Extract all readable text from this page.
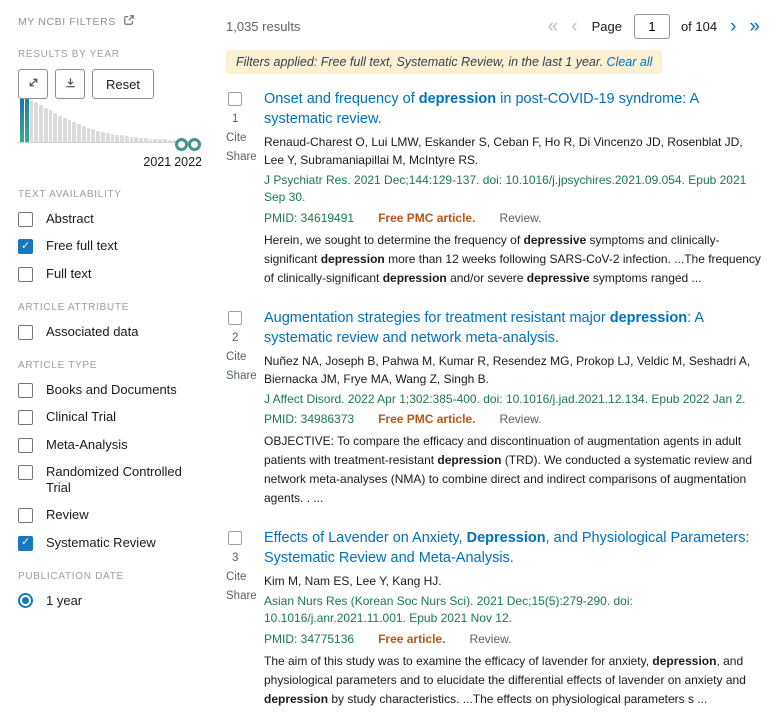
MY NCBI FILTERS
RESULTS BY YEAR
Reset
2021 2022
TEXT AVAILABILITY
Abstract
✓ Free full text
Full text
ARTICLE ATTRIBUTE
Associated data
ARTICLE TYPE
Books and Documents
Clinical Trial
Meta-Analysis
Randomized Controlled Trial
Review
✓ Systematic Review
PUBLICATION DATE
1 year
1,035 results	« ‹ Page
1	of 104 › »
Filters applied: Free full text, Systematic Review, in the last 1 year. Clear all
1
Cite
Share
Onset and frequency of depression in post-COVID-19 syndrome: A systematic review.
Renaud-Charest O, Lui LMW, Eskander S, Ceban F, Ho R, Di Vincenzo JD, Rosenblat JD, Lee Y, Subramaniapillai M, McIntyre RS.
J Psychiatr Res. 2021 Dec;144:129-137. doi: 10.1016/j.jpsychires.2021.09.054. Epub 2021 Sep 30.
PMID: 34619491 Free PMC article. Review.
Herein, we sought to determine the frequency of depressive symptoms and clinically-significant depression more than 12 weeks following SARS-CoV-2 infection. ...The frequency of clinically-significant depression and/or severe depressive symptoms ranged ...
2
Cite
Share
Augmentation strategies for treatment resistant major depression: A systematic review and network meta-analysis.
Nuñez NA, Joseph B, Pahwa M, Kumar R, Resendez MG, Prokop LJ, Veldic M, Seshadri A, Biernacka JM, Frye MA, Wang Z, Singh B.
J Affect Disord. 2022 Apr 1;302:385-400. doi: 10.1016/j.jad.2021.12.134. Epub 2022 Jan 2.
PMID: 34986373 Free PMC article. Review.
OBJECTIVE: To compare the efficacy and discontinuation of augmentation agents in adult patients with treatment-resistant depression (TRD). We conducted a systematic review and network meta-analyses (NMA) to combine direct and indirect comparisons of augmentation agents. . ...
3
Cite
Share
Effects of Lavender on Anxiety, Depression, and Physiological Parameters: Systematic Review and Meta-Analysis.
Kim M, Nam ES, Lee Y, Kang HJ.
Asian Nurs Res (Korean Soc Nurs Sci). 2021 Dec;15(5):279-290. doi: 10.1016/j.anr.2021.11.001. Epub 2021 Nov 12.
PMID: 34775136 Free article. Review.
The aim of this study was to examine the efficacy of lavender for anxiety, depression, and physiological parameters and to elucidate the differential effects of lavender on anxiety and depression by study characteristics. ...The effects on physiological parameters s ...
